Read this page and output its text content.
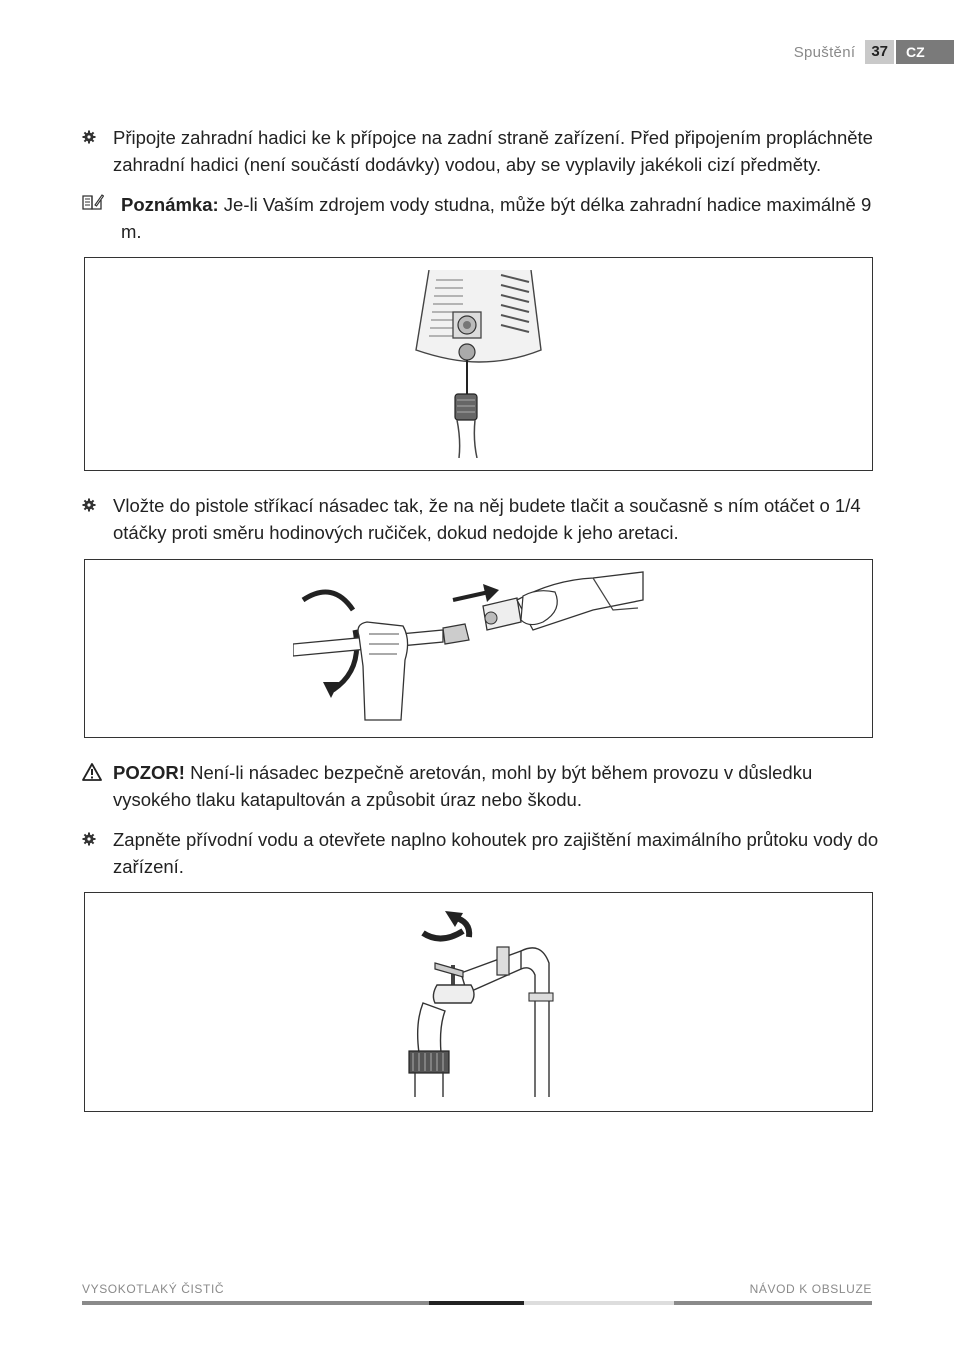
Spuštění	37	CZ
Připojte zahradní hadici ke k přípojce na zadní straně zařízení. Před připojením propláchněte zahradní hadici (není součástí dodávky) vodou, aby se vyplavily jakékoli cizí předměty.
Poznámka: Je-li Vaším zdrojem vody studna, může být délka zahradní hadice maximálně 9 m.
Vložte do pistole stříkací násadec tak, že na něj budete tlačit a současně s ním otáčet o 1/4 otáčky proti směru hodinových ručiček, dokud nedojde k jeho aretaci.
POZOR! Není-li násadec bezpečně aretován, mohl by být během provozu v důsledku vysokého tlaku katapultován a způsobit úraz nebo škodu.
Zapněte přívodní vodu a otevřete naplno kohoutek pro zajištění maximálního průtoku vody do zařízení.
VYSOKOTLAKÝ ČISTIČ	NÁVOD K OBSLUZE
